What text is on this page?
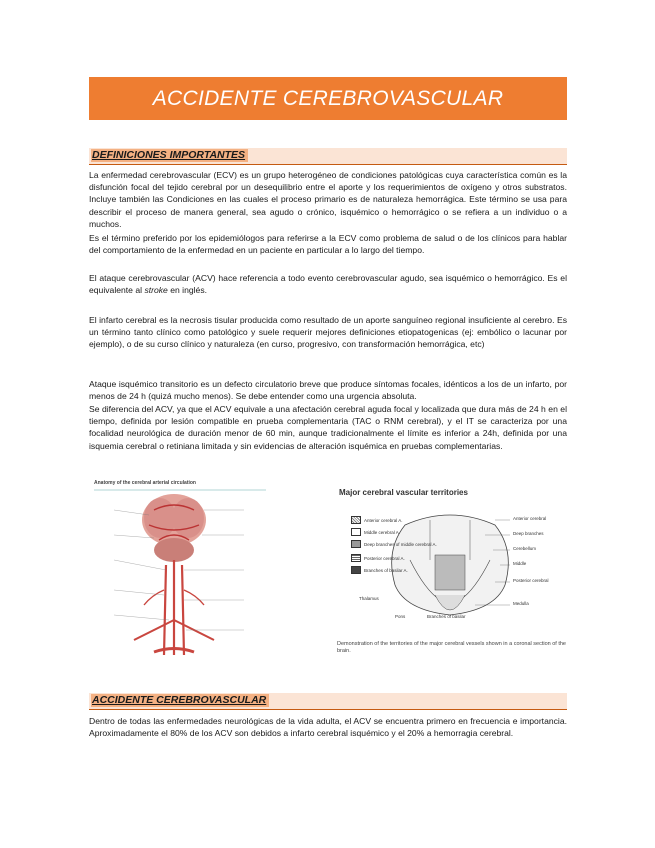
ACCIDENTE CEREBROVASCULAR
DEFINICIONES IMPORTANTES

La enfermedad cerebrovascular (ECV) es un grupo heterogéneo de condiciones patológicas cuya característica común es la disfunción focal del tejido cerebral por un desequilibrio entre el aporte y los requerimientos de oxígeno y otros substratos. Incluye también las Condiciones en las cuales el proceso primario es de naturaleza hemorrágica. Este término se usa para describir el proceso de manera general, sea agudo o crónico, isquémico o hemorrágico o se refiera a un individuo o a muchos.

Es el término preferido por los epidemiólogos para referirse a la ECV como problema de salud o de los clínicos para hablar del comportamiento de la enfermedad en un paciente en particular a lo largo del tiempo.

El ataque cerebrovascular (ACV) hace referencia a todo evento cerebrovascular agudo, sea isquémico o hemorrágico. Es el equivalente al stroke en inglés.

El infarto cerebral es la necrosis tisular producida como resultado de un aporte sanguíneo regional insuficiente al cerebro. Es un término tanto clínico como patológico y suele requerir mejores definiciones etiopatogenicas (ej: embólico o lacunar por ejemplo), o de su curso clínico y naturaleza (en curso, progresivo, con transformación hemorrágica, etc)

Ataque isquémico transitorio es un defecto circulatorio breve que produce síntomas focales, idénticos a los de un infarto, por menos de 24 h (quizá mucho menos). Se debe entender como una urgencia absoluta.

Se diferencia del ACV, ya que el ACV equivale a una afectación cerebral aguda focal y localizada que dura más de 24 h en el tiempo, definida por lesión compatible en prueba complementaria (TAC o RNM cerebral), y el IT se caracteriza por una focalidad neurológica de duración menor de 60 min, aunque tradicionalmente el límite es inferior a 24h, definida por una isquemia cerebral o retiniana limitada y sin evidencias de alteración isquémica en pruebas complementarias.

Anatomy of the cerebral arterial circulation
Major cerebral vascular territories
Anterior cerebral A.
Middle cerebral A.
Deep branches of middle cerebral A.
Posterior cerebral A.
Branches of basilar A.
Anterior cerebral
Deep branches
Cerebellum
Middle
Posterior cerebral
Medulla
Thalamus
Pons	Branches of basilar
Demonstration of the territories of the major cerebral vessels shown in a coronal section of the brain.
ACCIDENTE CEREBROVASCULAR

Dentro de todas las enfermedades neurológicas de la vida adulta, el ACV se encuentra primero en frecuencia e importancia. Aproximadamente el 80% de los ACV son debidos a infarto cerebral isquémico y el 20% a hemorragia cerebral.
